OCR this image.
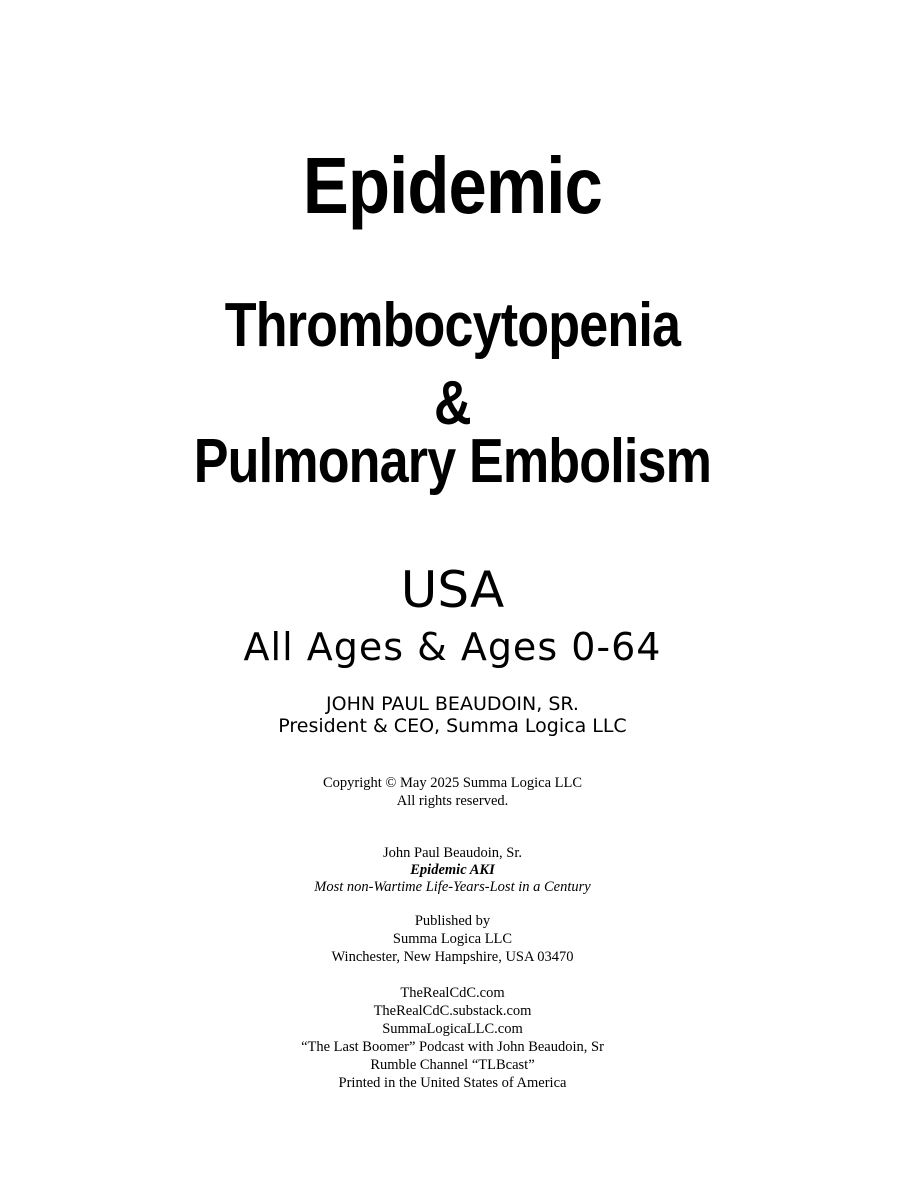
Epidemic
Thrombocytopenia
&
Pulmonary Embolism
USA
All Ages & Ages 0-64
JOHN PAUL BEAUDOIN, SR.
President & CEO, Summa Logica LLC
Copyright © May 2025 Summa Logica LLC
All rights reserved.
John Paul Beaudoin, Sr.
Epidemic AKI
Most non-Wartime Life-Years-Lost in a Century
Published by
Summa Logica LLC
Winchester, New Hampshire, USA 03470
TheRealCdC.com
TheRealCdC.substack.com
SummaLogicaLLC.com
“The Last Boomer” Podcast with John Beaudoin, Sr
Rumble Channel “TLBcast”
Printed in the United States of America
